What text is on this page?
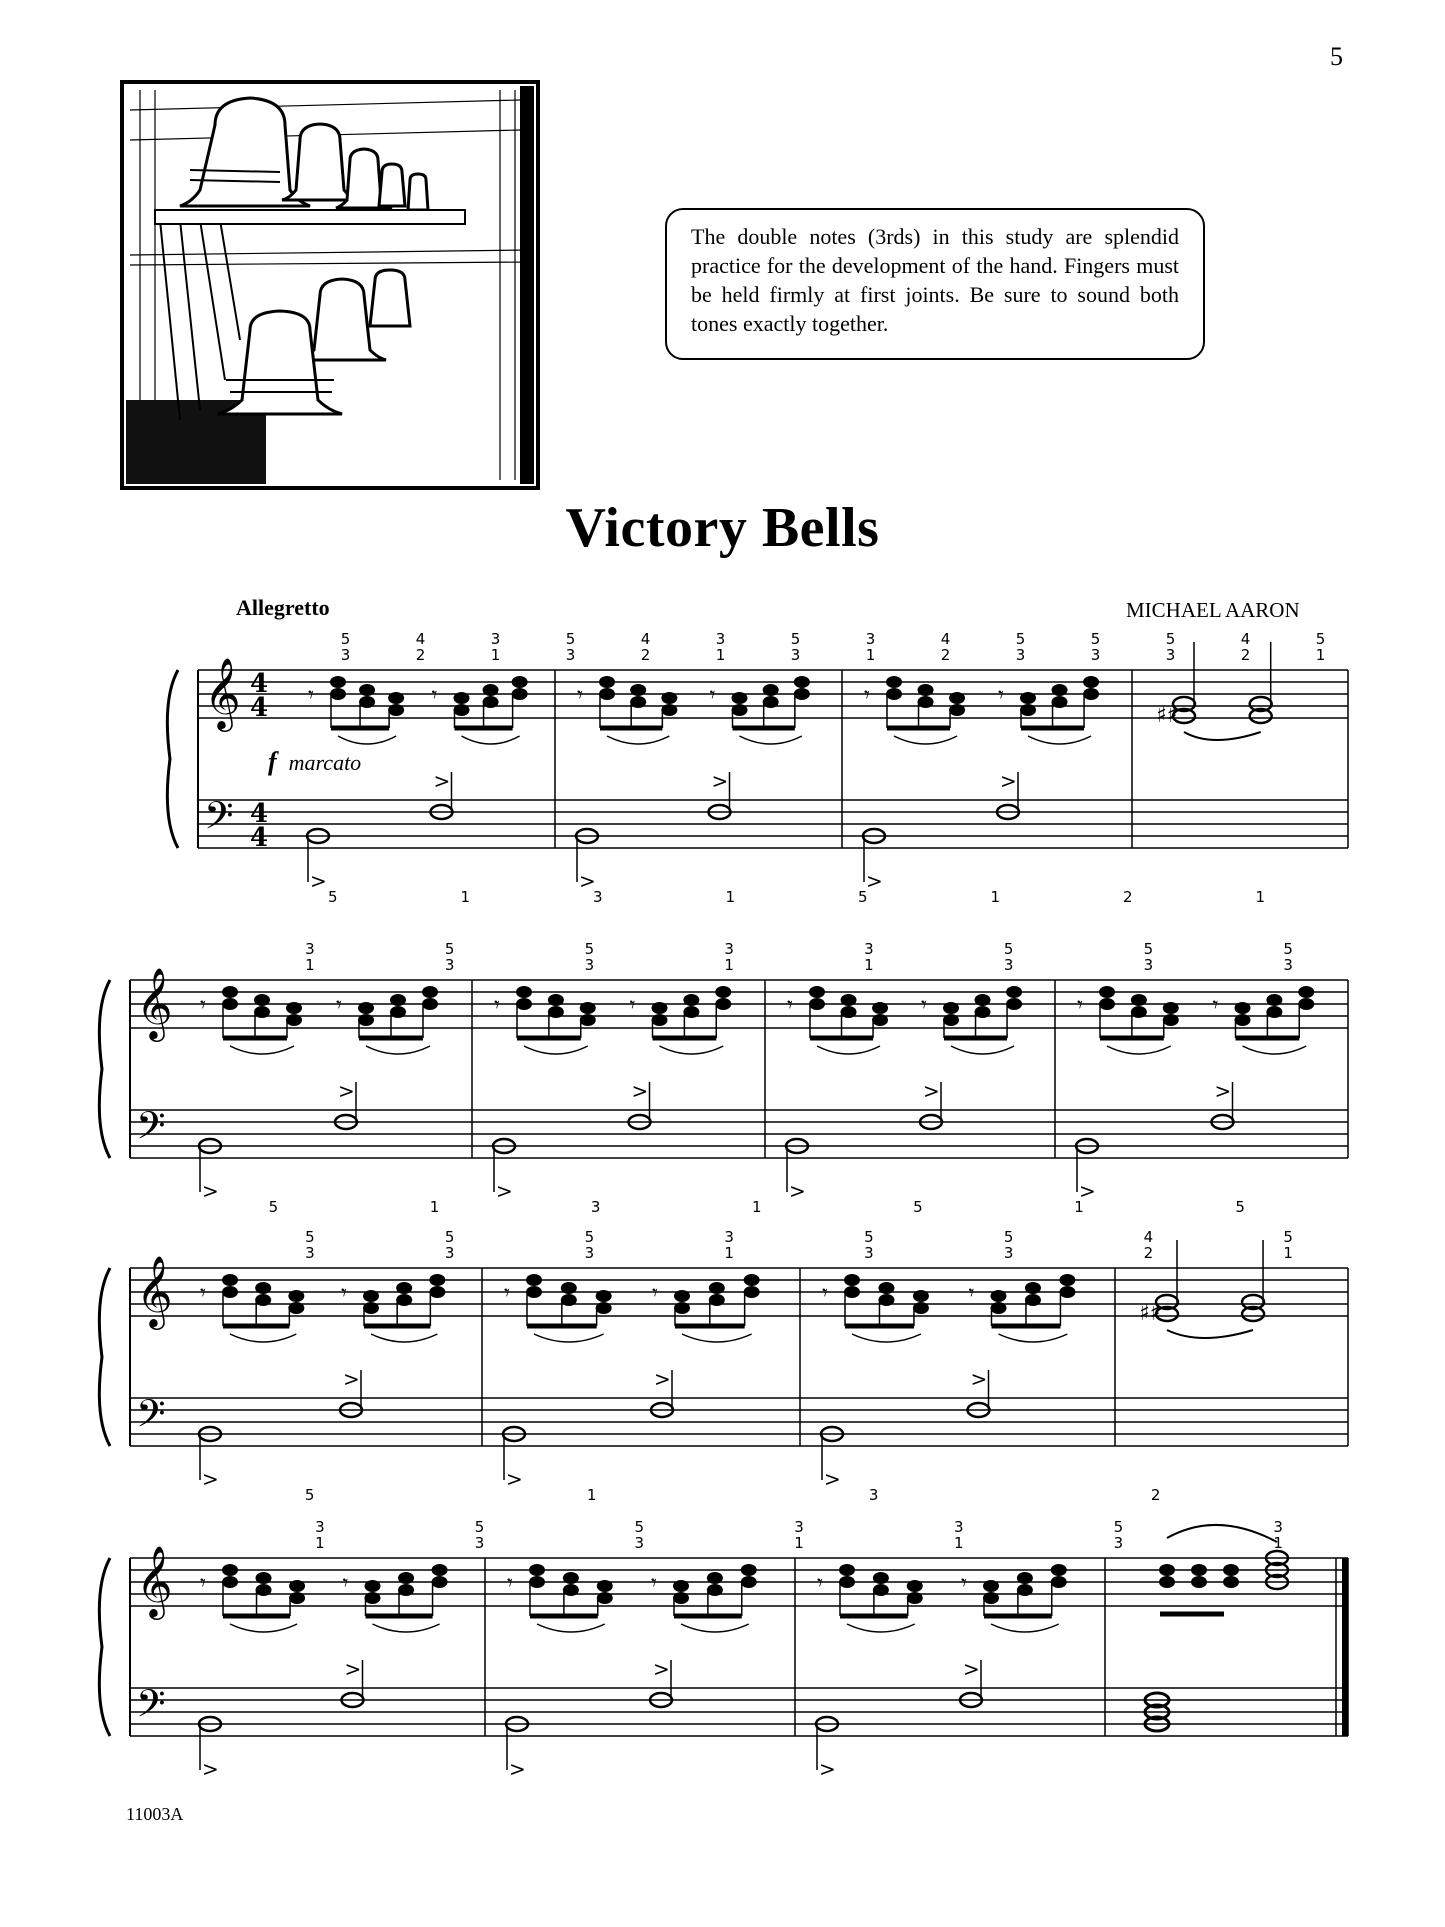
5
The double notes (3rds) in this study are splendid practice for the development of the hand. Fingers must be held firmly at first joints. Be sure to sound both tones exactly together.
Victory Bells
Allegretto	MICHAEL AARON
f marcato
11003A
𝄞 4
4
𝄢 4
4
𝄾	𝄾
>
>
𝄾	𝄾
>
>
𝄾	𝄾
>
>
♯♯
5
3
4
2
3
1
5
3
4
2
3
1
5
3
3
1
4
2
5
3
5
3
5
3
4
2
5
1
5	1	3	1	5	1	2	1
𝄞
𝄢
𝄾	𝄾
>
>
𝄾	𝄾
>
>
𝄾	𝄾
>
>
𝄾	𝄾
>
>
3
1
5
3
5
3
3
1
3
1
5
3
5
3
5
3
5	1	3	1	5	1	5
𝄞
𝄢
𝄾	𝄾
>
>
𝄾	𝄾
>
>
𝄾	𝄾
>
>
♯♯
5
3
5
3
5
3
3
1
5
3
5
3
4
2
5
1
5	1	3	2
𝄞
𝄢
𝄾	𝄾
>
>
𝄾	𝄾
>
>
𝄾	𝄾
>
>
3
1
5
3
5
3
3
1
3
1
5
3
3
1
